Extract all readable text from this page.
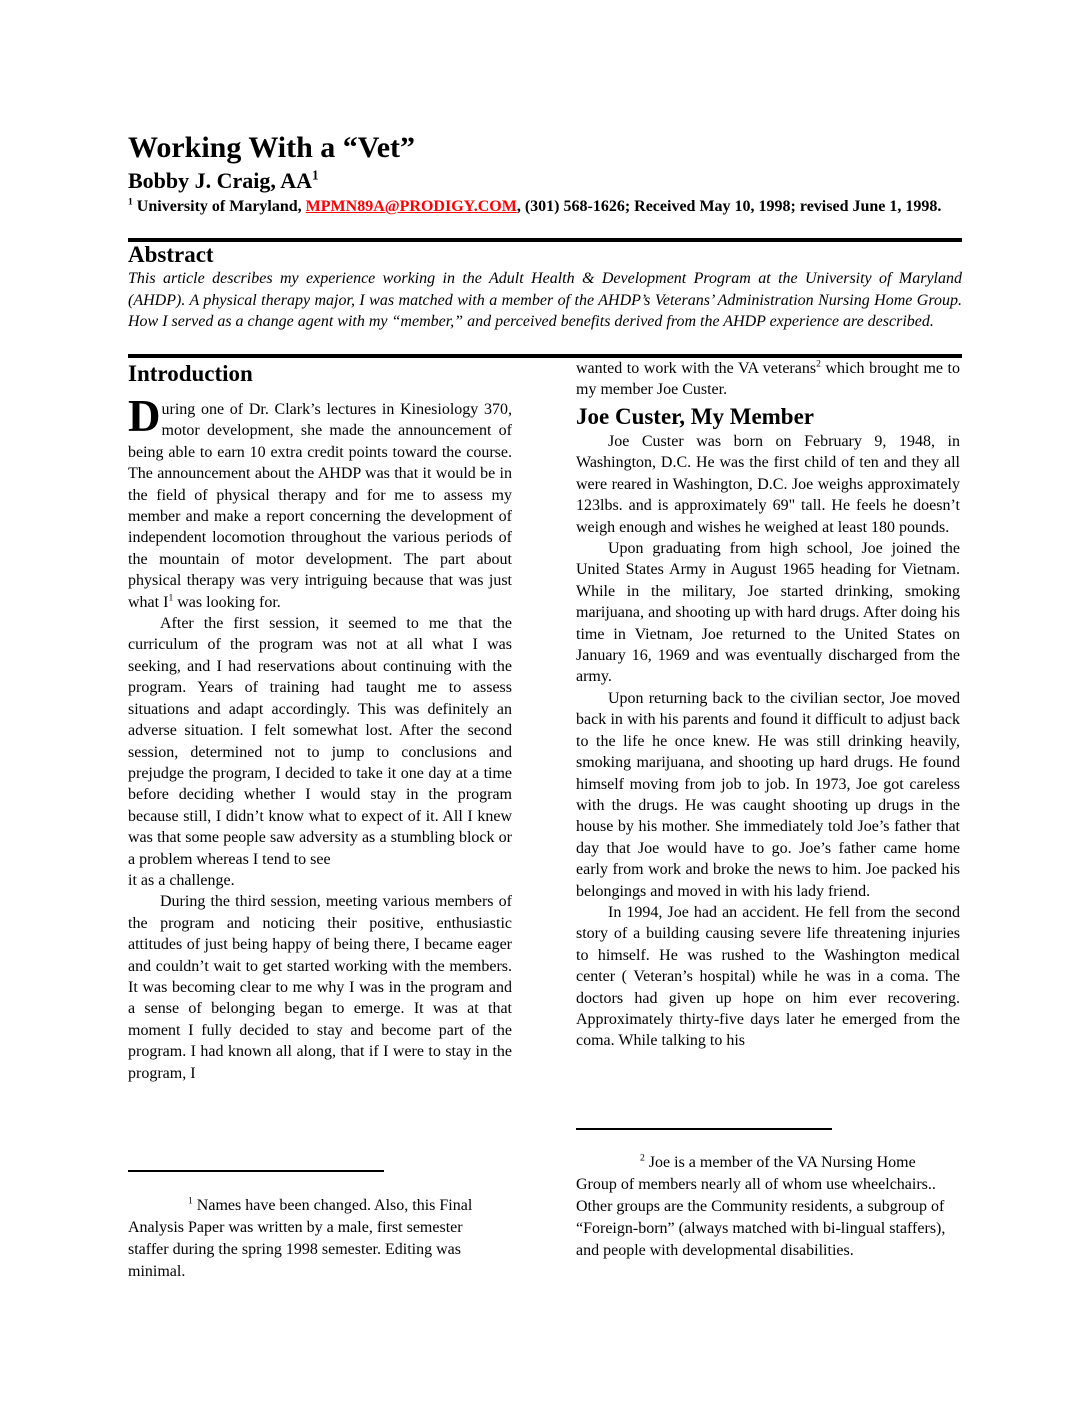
Working With a “Vet”
Bobby J. Craig, $AA^1$
$^1$ University of Maryland, MPMN89A@PRODIGY.COM, (301) 568-1626; Received May 10, 1998; revised June 1, 1998.
Abstract
This article describes my experience working in the Adult Health & Development Program at the University of Maryland (AHDP). A physical therapy major, I was matched with a member of the AHDP’s Veterans’ Administration Nursing Home Group. How I served as a change agent with my “member,” and perceived benefits derived from the AHDP experience are described.
Introduction

During one of Dr. Clark’s lectures in Kinesiology 370, motor development, she made the announcement of being able to earn 10 extra credit points toward the course. The announcement about the AHDP was that it would be in the field of physical therapy and for me to assess my member and make a report concerning the development of independent locomotion throughout the various periods of the mountain of motor development. The part about physical therapy was very intriguing because that was just what $I^1$ was looking for.

After the first session, it seemed to me that the curriculum of the program was not at all what I was seeking, and I had reservations about continuing with the program. Years of training had taught me to assess situations and adapt accordingly. This was definitely an adverse situation. I felt somewhat lost. After the second session, determined not to jump to conclusions and prejudge the program, I decided to take it one day at a time before deciding whether I would stay in the program because still, I didn’t know what to expect of it. All I knew was that some people saw adversity as a stumbling block or a problem whereas I tend to see

it as a challenge.

During the third session, meeting various members of the program and noticing their positive, enthusiastic attitudes of just being happy of being there, I became eager and couldn’t wait to get started working with the members. It was becoming clear to me why I was in the program and a sense of belonging began to emerge. It was at that moment I fully decided to stay and become part of the program. I had known all along, that if I were to stay in the program, I

wanted to work with the VA veterans$^2$ which brought me to my member Joe Custer.

Joe Custer, My Member

Joe Custer was born on February 9, 1948, in Washington, D.C. He was the first child of ten and they all were reared in Washington, D.C. Joe weighs approximately 123lbs. and is approximately 69" tall. He feels he doesn’t weigh enough and wishes he weighed at least 180 pounds.

Upon graduating from high school, Joe joined the United States Army in August 1965 heading for Vietnam. While in the military, Joe started drinking, smoking marijuana, and shooting up with hard drugs. After doing his time in Vietnam, Joe returned to the United States on January 16, 1969 and was eventually discharged from the army.

Upon returning back to the civilian sector, Joe moved back in with his parents and found it difficult to adjust back to the life he once knew. He was still drinking heavily, smoking marijuana, and shooting up hard drugs. He found himself moving from job to job. In 1973, Joe got careless with the drugs. He was caught shooting up drugs in the house by his mother. She immediately told Joe’s father that day that Joe would have to go. Joe’s father came home early from work and broke the news to him. Joe packed his belongings and moved in with his lady friend.

In 1994, Joe had an accident. He fell from the second story of a building causing severe life threatening injuries to himself. He was rushed to the Washington medical center ( Veteran’s hospital) while he was in a coma. The doctors had given up hope on him ever recovering. Approximately thirty-five days later he emerged from the coma. While talking to his

$^1$ Names have been changed. Also, this Final Analysis Paper was written by a male, first semester staffer during the spring 1998 semester. Editing was minimal.

$^2$ Joe is a member of the VA Nursing Home Group of members nearly all of whom use wheelchairs.. Other groups are the Community residents, a subgroup of “Foreign-born” (always matched with bi-lingual staffers), and people with developmental disabilities.
